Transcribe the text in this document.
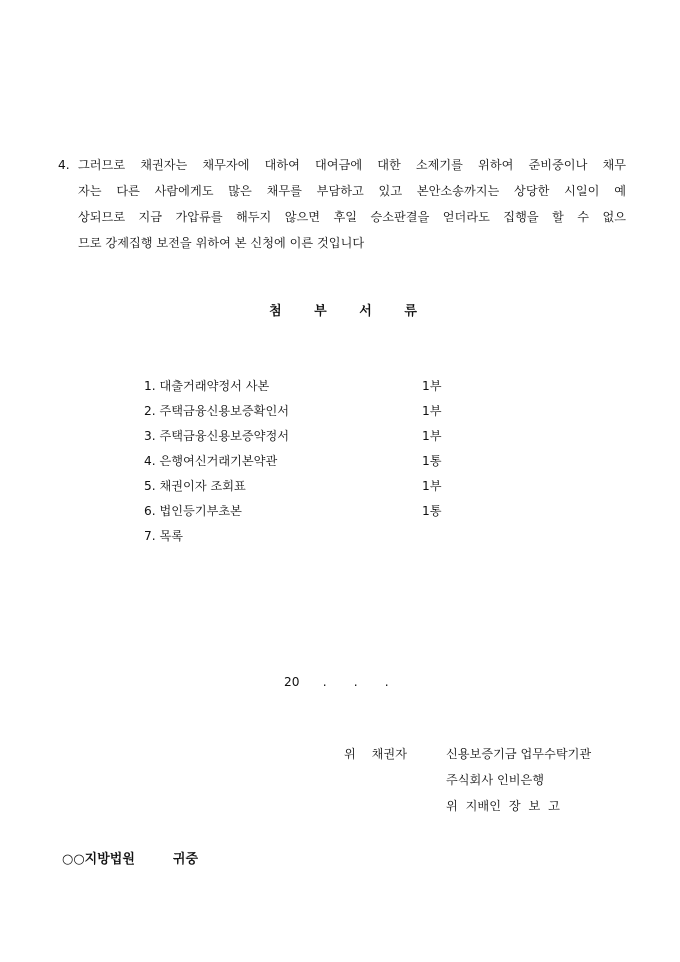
4. 그러므로 채권자는 채무자에 대하여 대여금에 대한 소제기를 위하여 준비중이나 채무
자는 다른 사람에게도 많은 채무를 부담하고 있고 본안소송까지는 상당한 시일이 예
상되므로 지금 가압류를 해두지 않으면 후일 승소판결을 얻더라도 집행을 할 수 없으
므로 강제집행 보전을 위하여 본 신청에 이른 것입니다
첨 부 서 류
1. 대출거래약정서 사본	1부
2. 주택금융신용보증확인서	1부
3. 주택금융신용보증약정서	1부
4. 은행여신거래기본약관	1통
5. 채권이자 조회표	1부
6. 법인등기부초본	1통
7. 목록
20      .       .       .
위 채권자	신용보증기금 업무수탁기관
주식회사 인비은행
위 지배인 장 보 고
○○지방법원	귀중
